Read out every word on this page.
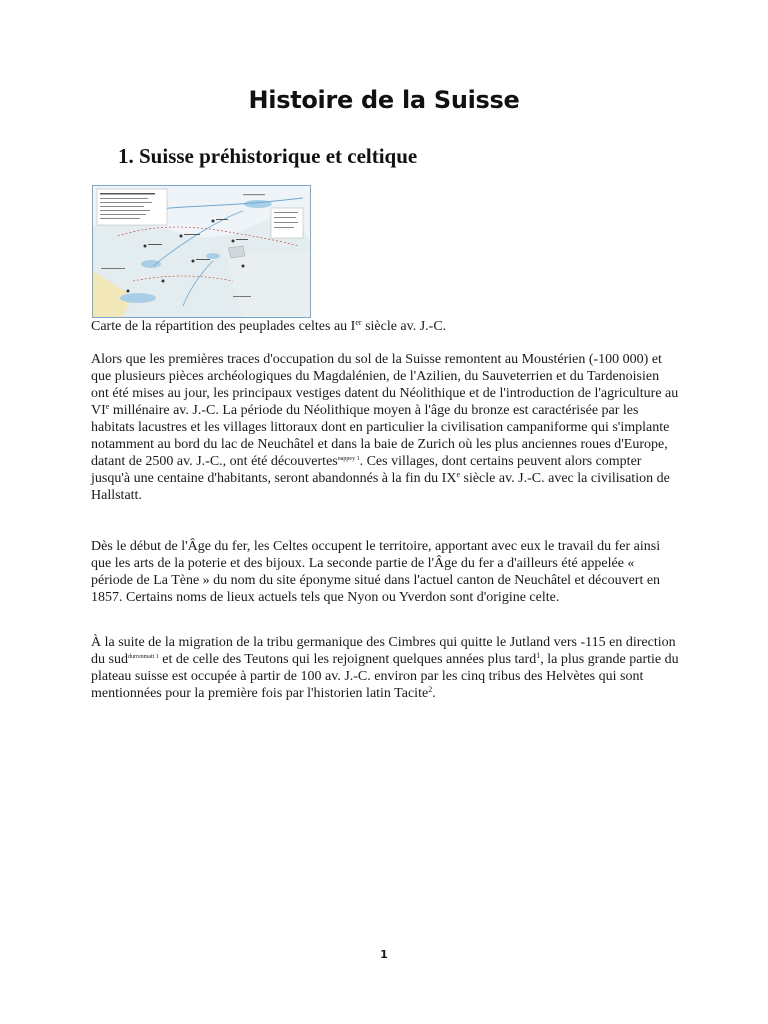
Histoire de la Suisse
1. Suisse préhistorique et celtique
Carte de la répartition des peuplades celtes au Ier siècle av. J.-C.

Alors que les premières traces d'occupation du sol de la Suisse remontent au Moustérien (-100 000) et que plusieurs pièces archéologiques du Magdalénien, de l'Azilien, du Sauveterrien et du Tardenoisien ont été mises au jour, les principaux vestiges datent du Néolithique et de l'introduction de l'agriculture au VIe millénaire av. J.-C. La période du Néolithique moyen à l'âge du bronze est caractérisée par les habitats lacustres et les villages littoraux dont en particulier la civilisation campaniforme qui s'implante notamment au bord du lac de Neuchâtel et dans la baie de Zurich où les plus anciennes roues d'Europe, datant de 2500 av. J.-C., ont été découvertes$^{nappey 1}$. Ces villages, dont certains peuvent alors compter jusqu'à une centaine d'habitants, seront abandonnés à la fin du IXe siècle av. J.-C. avec la civilisation de Hallstatt.

Dès le début de l'Âge du fer, les Celtes occupent le territoire, apportant avec eux le travail du fer ainsi que les arts de la poterie et des bijoux. La seconde partie de l'Âge du fer a d'ailleurs été appelée « période de La Tène » du nom du site éponyme situé dans l'actuel canton de Neuchâtel et découvert en 1857. Certains noms de lieux actuels tels que Nyon ou Yverdon sont d'origine celte.

À la suite de la migration de la tribu germanique des Cimbres qui quitte le Jutland vers -115 en direction du sud$^{durrenmatt 1}$ et de celle des Teutons qui les rejoignent quelques années plus tard$^1$, la plus grande partie du plateau suisse est occupée à partir de 100 av. J.-C. environ par les cinq tribus des Helvètes qui sont mentionnées pour la première fois par l'historien latin Tacite$^2$.

1
